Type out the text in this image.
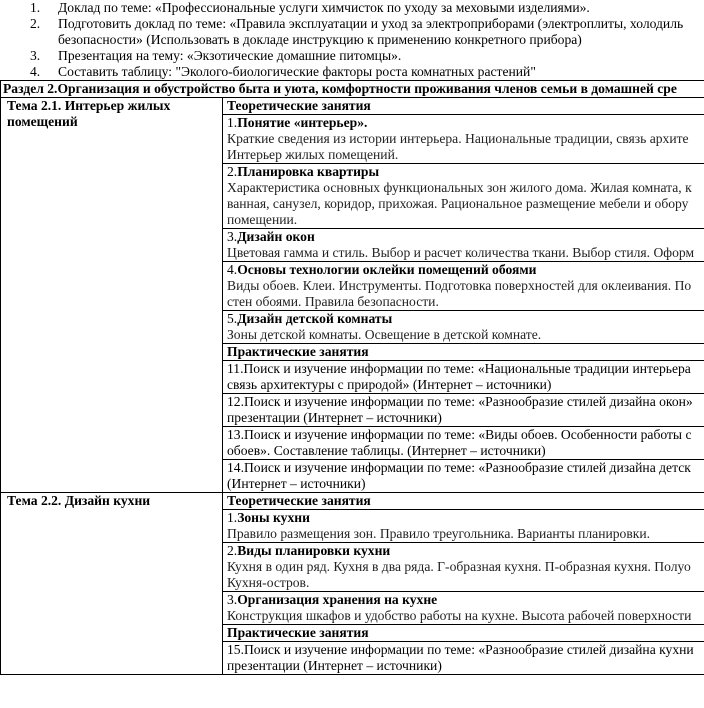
1.	Доклад по теме: «Профессиональные услуги химчисток по уходу за меховыми изделиями».
2.	Подготовить доклад по теме: «Правила эксплуатации и уход за электроприборами (электроплиты, холодиль
безопасности» (Использовать в докладе инструкцию к применению конкретного прибора)
3.	Презентация на тему: «Экзотические домашние питомцы».
4.	Составить таблицу: "Эколого-биологические факторы роста комнатных растений"
Раздел 2.Организация и обустройство быта и уюта, комфортности проживания членов семьи в домашней сре	

Тема 2.1. Интерьер жилых
помещений	Теоретические занятия

	1.Понятие «интерьер».
Краткие сведения из истории интерьера. Национальные традиции, связь архите
Интерьер жилых помещений.

	2.Планировка квартиры
Характеристика основных функциональных зон жилого дома. Жилая комната, к
ванная, санузел, коридор, прихожая. Рациональное размещение мебели и обору
помещении.

	3.Дизайн окон
Цветовая гамма и стиль. Выбор и расчет количества ткани. Выбор стиля. Оформ

	4.Основы технологии оклейки помещений обоями
Виды обоев. Клеи. Инструменты. Подготовка поверхностей для оклеивания. По
стен обоями. Правила безопасности.

	5.Дизайн детской комнаты
Зоны детской комнаты. Освещение в детской комнате.

	Практические занятия

	11.Поиск и изучение информации по теме: «Национальные традиции интерьера
связь архитектуры с природой» (Интернет – источники)

	12.Поиск и изучение информации по теме: «Разнообразие стилей дизайна окон»
презентации (Интернет – источники)

	13.Поиск и изучение информации по теме: «Виды обоев. Особенности работы с
обоев». Составление таблицы. (Интернет – источники)

	14.Поиск и изучение информации по теме: «Разнообразие стилей дизайна детск
(Интернет – источники)

Тема 2.2. Дизайн кухни	Теоретические занятия

	1.Зоны кухни
Правило размещения зон. Правило треугольника. Варианты планировки.

	2.Виды планировки кухни
Кухня в один ряд. Кухня в два ряда. Г-образная кухня. П-образная кухня. Полуо
Кухня-остров.

	3.Организация хранения на кухне
Конструкция шкафов и удобство работы на кухне. Высота рабочей поверхности

	Практические занятия

	15.Поиск и изучение информации по теме: «Разнообразие стилей дизайна кухни
презентации (Интернет – источники)
